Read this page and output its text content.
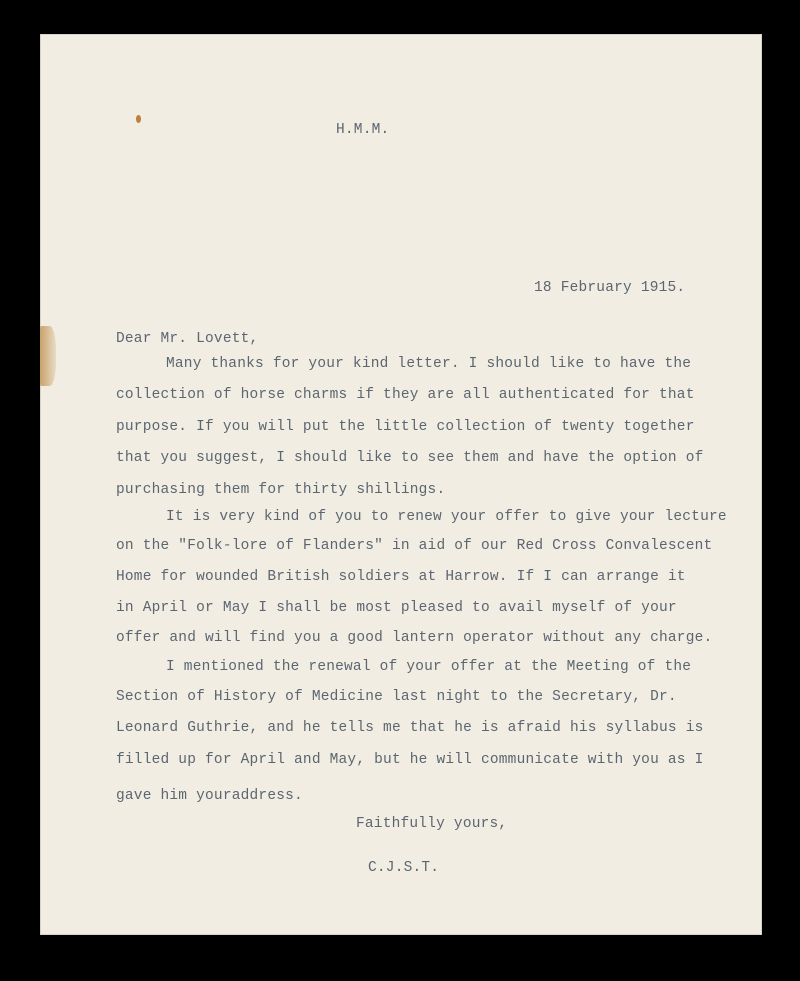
H.M.M.

18 February 1915.

Dear Mr. Lovett,

Many thanks for your kind letter. I should like to have the

collection of horse charms if they are all authenticated for that

purpose. If you will put the little collection of twenty together

that you suggest, I should like to see them and have the option of

purchasing them for thirty shillings.

It is very kind of you to renew your offer to give your lecture

on the "Folk-lore of Flanders" in aid of our Red Cross Convalescent

Home for wounded British soldiers at Harrow. If I can arrange it

in April or May I shall be most pleased to avail myself of your

offer and will find you a good lantern operator without any charge.

I mentioned the renewal of your offer at the Meeting of the

Section of History of Medicine last night to the Secretary, Dr.

Leonard Guthrie, and he tells me that he is afraid his syllabus is

filled up for April and May, but he will communicate with you as I

gave him youraddress.

Faithfully yours,

C.J.S.T.
